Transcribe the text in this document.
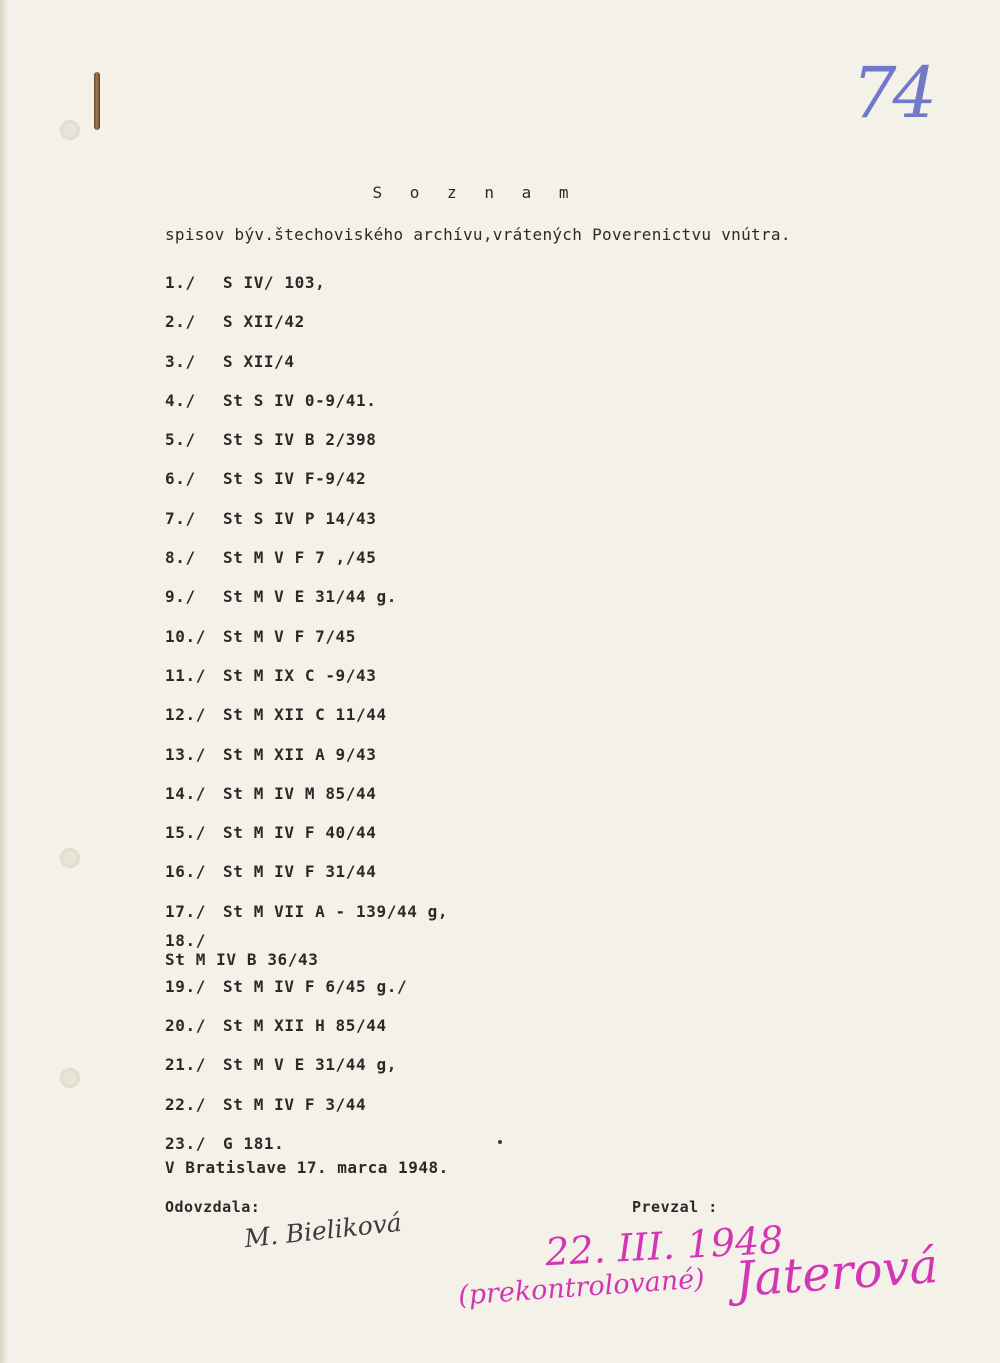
74
S o z n a m
spisov býv.štechoviského archívu,vrátených Poverenictvu vnútra.
1./ S IV/ 103,
2./ S XII/42
3./ S XII/4
4./ St S IV 0-9/41.
5./ St S IV B 2/398
6./ St S IV F-9/42
7./ St S IV P 14/43
8./ St M V F 7 ,/45
9./ St M V E 31/44 g.
10./ St M V F 7/45
11./ St M IX C -9/43
12./ St M XII C 11/44
13./ St M XII A 9/43
14./ St M IV M 85/44
15./ St M IV F 40/44
16./ St M IV F 31/44
17./ St M VII A - 139/44 g,
18./
St M IV B 36/43
19./ St M IV F 6/45 g./
20./ St M XII H 85/44
21./ St M V E 31/44 g,
22./ St M IV F 3/44
23./ G 181.
V Bratislave 17. marca 1948.
Odovzdala:	Prevzal :
M. Bieliková	22. III. 1948
(prekontrolované) Jaterová
